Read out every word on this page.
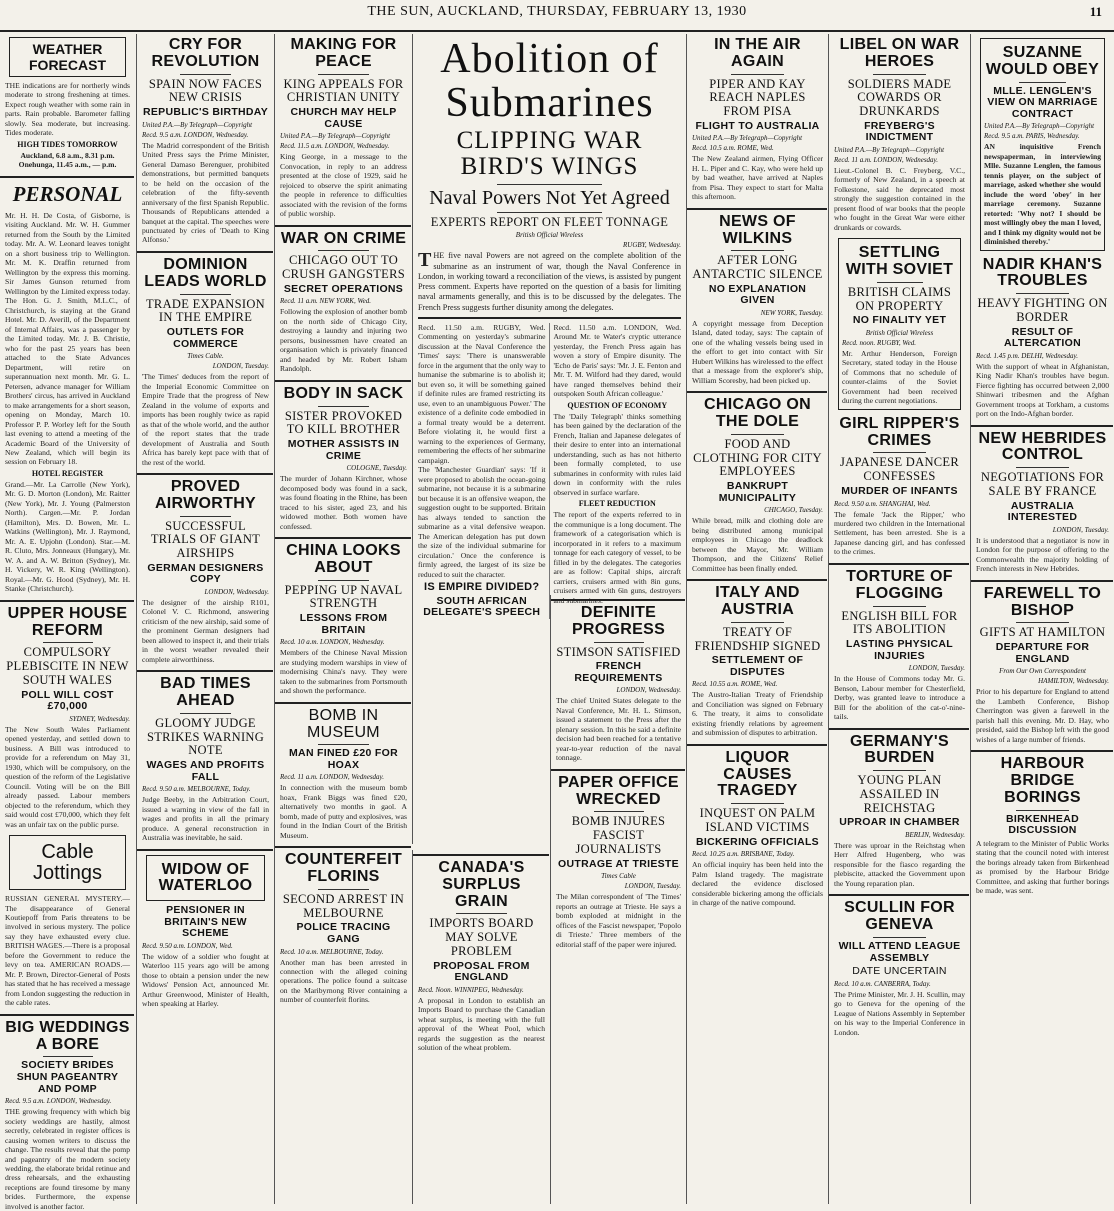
THE SUN, AUCKLAND, THURSDAY, FEBRUARY 13, 1930	11
WEATHER FORECAST
THE indications are for northerly winds moderate to strong freshening at times. Expect rough weather with some rain in parts. Rain probable. Barometer falling slowly. Sea moderate, but increasing. Tides moderate.
HIGH TIDES TOMORROW
Auckland, 6.8 a.m., 8.31 p.m. Onehunga, 11.45 a.m., — p.m.
PERSONAL
Mr. H. H. De Costa, of Gisborne, is visiting Auckland. Mr. W. H. Gummer returned from the South by the Limited today. Mr. A. W. Leonard leaves tonight on a short business trip to Wellington. Mr. M. K. Draffin returned from Wellington by the express this morning. Sir James Gunson returned from Wellington by the Limited express today. The Hon. G. J. Smith, M.L.C., of Christchurch, is staying at the Grand Hotel. Mr. D. Averill, of the Department of Internal Affairs, was a passenger by the Limited today. Mr. J. B. Christie, who for the past 25 years has been attached to the State Advances Department, will retire on superannuation next month. Mr. G. L. Petersen, advance manager for William Brothers' circus, has arrived in Auckland to make arrangements for a short season, opening on Monday, March 10. Professor P. P. Worley left for the South last evening to attend a meeting of the Academic Board of the University of New Zealand, which will begin its session on February 18.
HOTEL REGISTER
Grand.—Mr. La Carrolle (New York), Mr. G. D. Morton (London), Mr. Raitter (New York), Mr. J. Young (Palmerston North). Cargen.—Mr. P. Jordan (Hamilton), Mrs. D. Bowen, Mr. L. Watkins (Wellington), Mr. J. Raymond, Mr. A. E. Upjohn (London). Star.—M. R. Cluto, Mrs. Jonneaux (Hungary), Mr. W. A. and A. W. Britton (Sydney), Mr. H. Vickery, W. R. King (Wellington). Royal.—Mr. G. Hood (Sydney), Mr. H. Stanke (Christchurch).
UPPER HOUSE REFORM
COMPULSORY PLEBISCITE IN NEW SOUTH WALES
POLL WILL COST £70,000
SYDNEY, Wednesday.
The New South Wales Parliament opened yesterday, and settled down to business. A Bill was introduced to provide for a referendum on May 31, 1930, which will be compulsory, on the question of the reform of the Legislative Council. Voting will be on the Bill already passed. Labour members objected to the referendum, which they said would cost £70,000, which they felt was an unfair tax on the public purse.
Cable Jottings
RUSSIAN GENERAL MYSTERY.—The disappearance of General Koutiepoff from Paris threatens to be involved in serious mystery. The police say they have exhausted every clue. BRITISH WAGES.—There is a proposal before the Government to reduce the levy on tea. AMERICAN ROADS.—Mr. P. Brown, Director-General of Posts has stated that he has received a message from London suggesting the reduction in the cable rates.
BIG WEDDINGS A BORE
SOCIETY BRIDES SHUN PAGEANTRY AND POMP
Recd. 9.5 a.m. LONDON, Wednesday.
THE growing frequency with which big society weddings are hastily, almost secretly, celebrated in register offices is causing women writers to discuss the change. The results reveal that the pomp and pageantry of the modern society wedding, the elaborate bridal retinue and dress rehearsals, and the exhausting receptions are found tiresome by many brides. Furthermore, the expense involved is another factor.
CRY FOR REVOLUTION
SPAIN NOW FACES NEW CRISIS
REPUBLIC'S BIRTHDAY
United P.A.—By Telegraph—Copyright
Recd. 9.5 a.m. LONDON, Wednesday.
The Madrid correspondent of the British United Press says the Prime Minister, General Damaso Berenguer, prohibited demonstrations, but permitted banquets to be held on the occasion of the celebration of the fifty-seventh anniversary of the first Spanish Republic. Thousands of Republicans attended a banquet at the capital. The speeches were punctuated by cries of 'Death to King Alfonso.'
DOMINION LEADS WORLD
TRADE EXPANSION IN THE EMPIRE
OUTLETS FOR COMMERCE
Times Cable.
LONDON, Tuesday.
'The Times' deduces from the report of the Imperial Economic Committee on Empire Trade that the progress of New Zealand in the volume of exports and imports has been roughly twice as rapid as that of the whole world, and the author of the report states that the trade development of Australia and South Africa has barely kept pace with that of the rest of the world.
PROVED AIRWORTHY
SUCCESSFUL TRIALS OF GIANT AIRSHIPS
GERMAN DESIGNERS COPY
LONDON, Wednesday.
The designer of the airship R101, Colonel V. C. Richmond, answering criticism of the new airship, said some of the prominent German designers had been allowed to inspect it, and their trials in the worst weather revealed their complete airworthiness.
BAD TIMES AHEAD
GLOOMY JUDGE STRIKES WARNING NOTE
WAGES AND PROFITS FALL
Recd. 9.50 a.m. MELBOURNE, Today.
Judge Beeby, in the Arbitration Court, issued a warning in view of the fall in wages and profits in all the primary produce. A general reconstruction in Australia was inevitable, he said.
WIDOW OF WATERLOO
PENSIONER IN BRITAIN'S NEW SCHEME
Recd. 9.50 a.m. LONDON, Wed.
The widow of a soldier who fought at Waterloo 115 years ago will be among those to obtain a pension under the new Widows' Pension Act, announced Mr. Arthur Greenwood, Minister of Health, when speaking at Harley.
MAKING FOR PEACE
KING APPEALS FOR CHRISTIAN UNITY
CHURCH MAY HELP CAUSE
United P.A.—By Telegraph—Copyright
Recd. 11.5 a.m. LONDON, Wednesday.
King George, in a message to the Convocation, in reply to an address presented at the close of 1929, said he rejoiced to observe the spirit animating the people in reference to difficulties associated with the revision of the forms of public worship.
WAR ON CRIME
CHICAGO OUT TO CRUSH GANGSTERS
SECRET OPERATIONS
Recd. 11 a.m. NEW YORK, Wed.
Following the explosion of another bomb on the north side of Chicago City, destroying a laundry and injuring two persons, businessmen have created an organisation which is privately financed and headed by Mr. Robert Isham Randolph.
BODY IN SACK
SISTER PROVOKED TO KILL BROTHER
MOTHER ASSISTS IN CRIME
COLOGNE, Tuesday.
The murder of Johann Kirchner, whose decomposed body was found in a sack, was found floating in the Rhine, has been traced to his sister, aged 23, and his widowed mother. Both women have confessed.
CHINA LOOKS ABOUT
PEPPING UP NAVAL STRENGTH
LESSONS FROM BRITAIN
Recd. 10 a.m. LONDON, Wednesday.
Members of the Chinese Naval Mission are studying modern warships in view of modernising China's navy. They were taken to the submarines from Portsmouth and shown the performance.
BOMB IN MUSEUM
MAN FINED £20 FOR HOAX
Recd. 11 a.m. LONDON, Wednesday.
In connection with the museum bomb hoax, Frank Biggs was fined £20, alternatively two months in gaol. A bomb, made of putty and explosives, was found in the Indian Court of the British Museum.
COUNTERFEIT FLORINS
SECOND ARREST IN MELBOURNE
POLICE TRACING GANG
Recd. 10 a.m. MELBOURNE, Today.
Another man has been arrested in connection with the alleged coining operations. The police found a suitcase on the Maribyrnong River containing a number of counterfeit florins.
Abolition of Submarines
CLIPPING WAR BIRD'S WINGS
Naval Powers Not Yet Agreed
EXPERTS REPORT ON FLEET TONNAGE
British Official Wireless
RUGBY, Wednesday.
THE five naval Powers are not agreed on the complete abolition of the submarine as an instrument of war, though the Naval Conference in London, in working toward a reconciliation of the views, is assisted by pungent Press comment. Experts have reported on the question of a basis for limiting naval armaments generally, and this is to be discussed by the delegates. The French Press suggests further disunity among the delegates.
Recd. 11.50 a.m. RUGBY, Wed. Commenting on yesterday's submarine discussion at the Naval Conference the 'Times' says: 'There is unanswerable force in the argument that the only way to humanise the submarine is to abolish it; but even so, it will be something gained if definite rules are framed restricting its use, even to an unambiguous Power.' The existence of a definite code embodied in a formal treaty would be a deterrent. Before violating it, he would first a warning to the experiences of Germany, remembering the effects of her submarine campaign.
The 'Manchester Guardian' says: 'If it were proposed to abolish the ocean-going submarine, not because it is a submarine but because it is an offensive weapon, the suggestion ought to be supported. Britain has always tended to sanction the submarine as a vital defensive weapon. The American delegation has put down the size of the individual submarine for circulation.' Once the conference is firmly agreed, the largest of its size be reduced to suit the character.
IS EMPIRE DIVIDED?
SOUTH AFRICAN DELEGATE'S SPEECH
Recd. 11.50 a.m. LONDON, Wed. Around Mr. te Water's cryptic utterance yesterday, the French Press again has woven a story of Empire disunity. The 'Echo de Paris' says: 'Mr. J. E. Fenton and Mr. T. M. Wilford had they dared, would have ranged themselves behind their outspoken South African colleague.'
QUESTION OF ECONOMY
The 'Daily Telegraph' thinks something has been gained by the declaration of the French, Italian and Japanese delegates of their desire to enter into an international understanding, such as has not hitherto been formally completed, to use submarines in conformity with rules laid down in conformity with the rules observed in surface warfare.
FLEET REDUCTION
The report of the experts referred to in the communique is a long document. The framework of a categorisation which is incorporated in it refers to a maximum tonnage for each category of vessel, to be filled in by the delegates. The categories are as follow: Capital ships, aircraft carriers, cruisers armed with 8in guns, cruisers armed with 6in guns, destroyers and submarines.
CANADA'S SURPLUS GRAIN
IMPORTS BOARD MAY SOLVE PROBLEM
PROPOSAL FROM ENGLAND
Recd. Noon. WINNIPEG, Wednesday.
A proposal in London to establish an Imports Board to purchase the Canadian wheat surplus, is meeting with the full approval of the Wheat Pool, which regards the suggestion as the nearest solution of the wheat problem.
DEFINITE PROGRESS
STIMSON SATISFIED
FRENCH REQUIREMENTS
LONDON, Wednesday.
The chief United States delegate to the Naval Conference, Mr. H. L. Stimson, issued a statement to the Press after the plenary session. In this he said a definite decision had been reached for a tentative year-to-year reduction of the naval tonnage.
PAPER OFFICE WRECKED
BOMB INJURES FASCIST JOURNALISTS
OUTRAGE AT TRIESTE
Times Cable
LONDON, Tuesday.
The Milan correspondent of 'The Times' reports an outrage at Trieste. He says a bomb exploded at midnight in the offices of the Fascist newspaper, 'Popolo di Trieste.' Three members of the editorial staff of the paper were injured.
IN THE AIR AGAIN
PIPER AND KAY REACH NAPLES FROM PISA
FLIGHT TO AUSTRALIA
United P.A.—By Telegraph—Copyright
Recd. 10.5 a.m. ROME, Wed.
The New Zealand airmen, Flying Officer H. L. Piper and C. Kay, who were held up by bad weather, have arrived at Naples from Pisa. They expect to start for Malta this afternoon.
NEWS OF WILKINS
AFTER LONG ANTARCTIC SILENCE
NO EXPLANATION GIVEN
NEW YORK, Tuesday.
A copyright message from Deception Island, dated today, says: The captain of one of the whaling vessels being used in the effort to get into contact with Sir Hubert Wilkins has wirelessed to the effect that a message from the explorer's ship, William Scoresby, had been picked up.
CHICAGO ON THE DOLE
FOOD AND CLOTHING FOR CITY EMPLOYEES
BANKRUPT MUNICIPALITY
CHICAGO, Tuesday.
While bread, milk and clothing dole are being distributed among municipal employees in Chicago the deadlock between the Mayor, Mr. William Thompson, and the Citizens' Relief Committee has been finally ended.
ITALY AND AUSTRIA
TREATY OF FRIENDSHIP SIGNED
SETTLEMENT OF DISPUTES
Recd. 10.55 a.m. ROME, Wed.
The Austro-Italian Treaty of Friendship and Conciliation was signed on February 6. The treaty, it aims to consolidate existing friendly relations by agreement and submission of disputes to arbitration.
LIQUOR CAUSES TRAGEDY
INQUEST ON PALM ISLAND VICTIMS
BICKERING OFFICIALS
Recd. 10.25 a.m. BRISBANE, Today.
An official inquiry has been held into the Palm Island tragedy. The magistrate declared the evidence disclosed considerable bickering among the officials in charge of the native compound.
LIBEL ON WAR HEROES
SOLDIERS MADE COWARDS OR DRUNKARDS
FREYBERG'S INDICTMENT
United P.A.—By Telegraph—Copyright
Recd. 11 a.m. LONDON, Wednesday.
Lieut.-Colonel B. C. Freyberg, V.C., formerly of New Zealand, in a speech at Folkestone, said he deprecated most strongly the suggestion contained in the present flood of war books that the people who fought in the Great War were either drunkards or cowards.
SETTLING WITH SOVIET
BRITISH CLAIMS ON PROPERTY
NO FINALITY YET
British Official Wireless
Recd. noon. RUGBY, Wed.
Mr. Arthur Henderson, Foreign Secretary, stated today in the House of Commons that no schedule of counter-claims of the Soviet Government had been received during the current negotiations.
GIRL RIPPER'S CRIMES
JAPANESE DANCER CONFESSES
MURDER OF INFANTS
Recd. 9.50 a.m. SHANGHAI, Wed.
The female 'Jack the Ripper,' who murdered two children in the International Settlement, has been arrested. She is a Japanese dancing girl, and has confessed to the crimes.
TORTURE OF FLOGGING
ENGLISH BILL FOR ITS ABOLITION
LASTING PHYSICAL INJURIES
LONDON, Tuesday.
In the House of Commons today Mr. G. Benson, Labour member for Chesterfield, Derby, was granted leave to introduce a Bill for the abolition of the cat-o'-nine-tails.
GERMANY'S BURDEN
YOUNG PLAN ASSAILED IN REICHSTAG
UPROAR IN CHAMBER
BERLIN, Wednesday.
There was uproar in the Reichstag when Herr Alfred Hugenberg, who was responsible for the fiasco regarding the plebiscite, attacked the Government upon the Young reparation plan.
SCULLIN FOR GENEVA
WILL ATTEND LEAGUE ASSEMBLY
DATE UNCERTAIN
Recd. 10 a.m. CANBERRA, Today.
The Prime Minister, Mr. J. H. Scullin, may go to Geneva for the opening of the League of Nations Assembly in September on his way to the Imperial Conference in London.
SUZANNE WOULD OBEY
MLLE. LENGLEN'S VIEW ON MARRIAGE CONTRACT
United P.A.—By Telegraph—Copyright
Recd. 9.5 a.m. PARIS, Wednesday.
AN inquisitive French newspaperman, in interviewing Mlle. Suzanne Lenglen, the famous tennis player, on the subject of marriage, asked whether she would include the word 'obey' in her marriage ceremony. Suzanne retorted: 'Why not? I should be most willingly obey the man I loved, and I think my dignity would not be diminished thereby.'
NADIR KHAN'S TROUBLES
HEAVY FIGHTING ON BORDER
RESULT OF ALTERCATION
Recd. 1.45 p.m. DELHI, Wednesday.
With the support of wheat in Afghanistan, King Nadir Khan's troubles have begun. Fierce fighting has occurred between 2,000 Shinwari tribesmen and the Afghan Government troops at Torkham, a customs port on the Indo-Afghan border.
NEW HEBRIDES CONTROL
NEGOTIATIONS FOR SALE BY FRANCE
AUSTRALIA INTERESTED
LONDON, Tuesday.
It is understood that a negotiator is now in London for the purpose of offering to the Commonwealth the majority holding of French interests in New Hebrides.
FAREWELL TO BISHOP
GIFTS AT HAMILTON
DEPARTURE FOR ENGLAND
From Our Own Correspondent
HAMILTON, Wednesday.
Prior to his departure for England to attend the Lambeth Conference, Bishop Cherrington was given a farewell in the parish hall this evening. Mr. D. Hay, who presided, said the Bishop left with the good wishes of a large number of friends.
HARBOUR BRIDGE BORINGS
BIRKENHEAD DISCUSSION
A telegram to the Minister of Public Works stating that the council noted with interest the borings already taken from Birkenhead as promised by the Harbour Bridge Committee, and asking that further borings be made, was sent.
